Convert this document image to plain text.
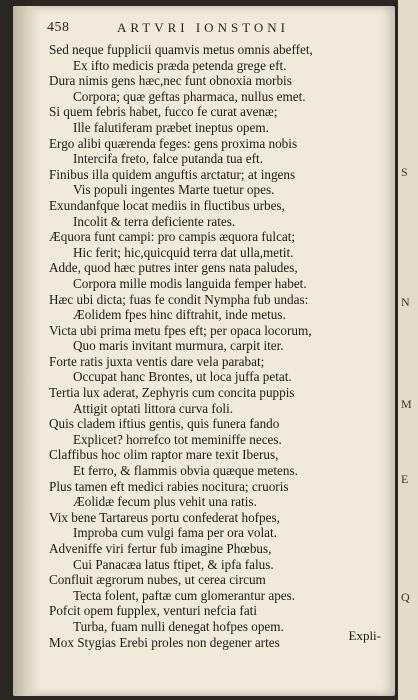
458	ARTVRI IONSTONI
Sed neque fupplicii quamvis metus omnis abeffet,
Ex ifto medicis præda petenda grege eft.
Dura nimis gens hæc,nec funt obnoxia morbis
Corpora; quæ geftas pharmaca, nullus emet.
Si quem febris habet, fucco fe curat avenæ;
Ille falutiferam præbet ineptus opem.
Ergo alibi quærenda feges: gens proxima nobis
Intercifa freto, falce putanda tua eft.
Finibus illa quidem anguftis arctatur; at ingens
Vis populi ingentes Marte tuetur opes.
Exundanfque locat mediis in fluctibus urbes,
Incolit & terra deficiente rates.
Æquora funt campi: pro campis æquora fulcat;
Hic ferit; hic,quicquid terra dat ulla,metit.
Adde, quod hæc putres inter gens nata paludes,
Corpora mille modis languida femper habet.
Hæc ubi dicta; fuas fe condit Nympha fub undas:
Æolidem fpes hinc diftrahit, inde metus.
Victa ubi prima metu fpes eft; per opaca locorum,
Quo maris invitant murmura, carpit iter.
Forte ratis juxta ventis dare vela parabat;
Occupat hanc Brontes, ut loca juffa petat.
Tertia lux aderat, Zephyris cum concita puppis
Attigit optati littora curva foli.
Quis cladem iftius gentis, quis funera fando
Explicet? horrefco tot meminiffe neces.
Claffibus hoc olim raptor mare texit Iberus,
Et ferro, & flammis obvia quæque metens.
Plus tamen eft medici rabies nocitura; cruoris
Æolidæ fecum plus vehit una ratis.
Vix bene Tartareus portu confederat hofpes,
Improba cum vulgi fama per ora volat.
Adveniffe viri fertur fub imagine Phœbus,
Cui Panacæa latus ftipet, & ipfa falus.
Confluit ægrorum nubes, ut cerea circum
Tecta folent, paftæ cum glomerantur apes.
Pofcit opem fupplex, venturi nefcia fati
Turba, fuam nulli denegat hofpes opem.
Mox Stygias Erebi proles non degener artes	Expli-
S
N
M
E
Q
